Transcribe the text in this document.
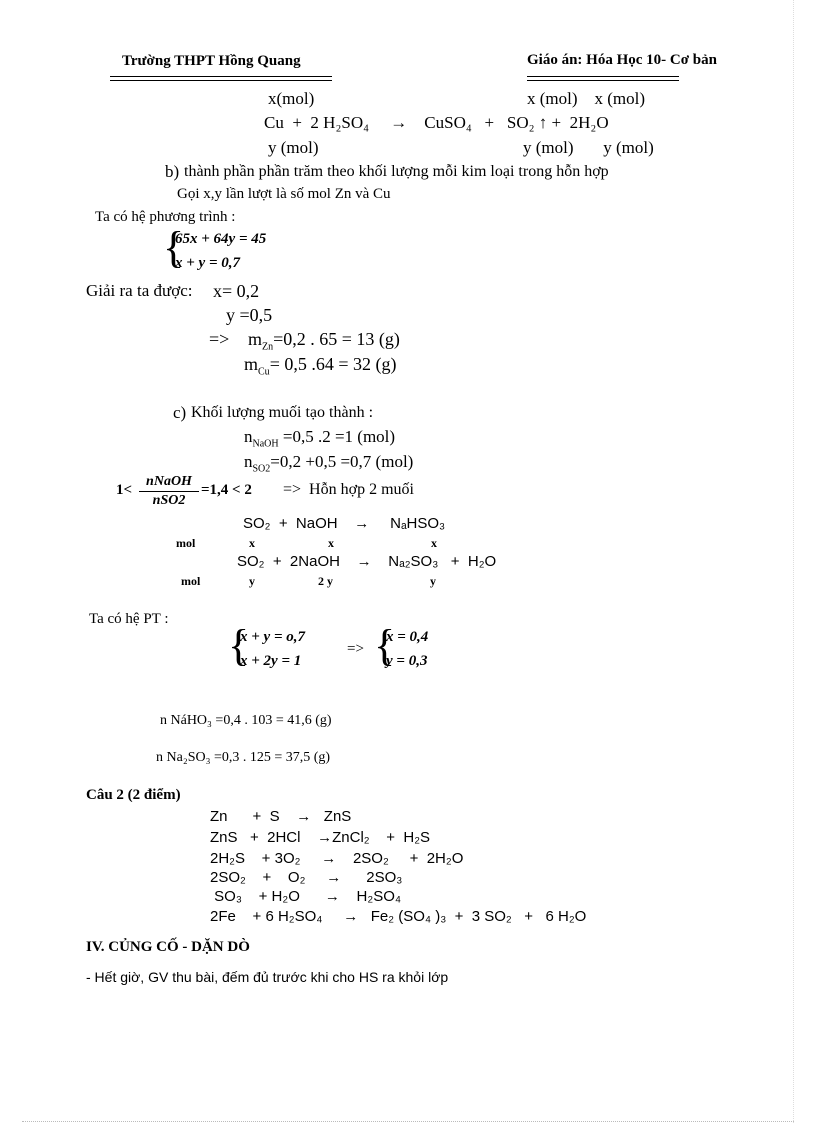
Trường THPT Hồng Quang	Giáo án: Hóa Học 10- Cơ bản
x(mol)	x (mol)    x (mol)
Cu  +  2 H₂SO₄     →    CuSO₄   +   SO₂ ↑ +  2H₂O
y (mol)	y (mol)       y (mol)
b) thành phần phần trăm theo khối lượng mỗi kim loại trong hỗn hợp
Gọi x,y lần lượt là số mol Zn và Cu
Ta có hệ phương trình :
{
65x + 64y = 45
x + y = 0,7
Giải ra ta được: x= 0,2
y =0,5
=> $m_{Zn}=0,2$ . 65 = 13 (g)
$m_{Cu}= 0,5$ .64 = 32 (g)
c) Khối lượng muối tạo thành :
$n_{NaOH} =0,5$ .2 =1 (mol)
$n_{SO2}=0,2 +0,5 =0,7$ (mol)
1<
nNaOH
nSO2
=1,4 < 2 =>  Hỗn hợp 2 muối
SO₂  +  NaOH    →     NₐHSO₃
mol	x	x	x
SO₂  +  2NaOH    →    Nₐ₂SO₃   +  H₂O
mol	y	2 y	y
Ta có hệ PT :
{
x + y = o,7
x + 2y = 1
=> {
x = 0,4
y = 0,3
n NáHO₃ =0,4 . 103 = 41,6 (g)
n Na₂SO₃ =0,3 . 125 = 37,5 (g)
Câu 2 (2 điểm)
Zn      +  S    →   ZnS
ZnS   +  2HCl    →ZnCl₂    +  H₂S
2H₂S    + 3O₂     →    2SO₂     +  2H₂O
2SO₂    +    O₂     →      2SO₃
SO₃    + H₂O      →    H₂SO₄
2Fe    + 6 H₂SO₄     →   Fe₂ (SO₄ )₃  +  3 SO₂   +   6 H₂O
IV. CỦNG CỐ - DẶN DÒ
- Hết giờ, GV thu bài, đếm đủ trước khi cho HS ra khỏi lớp
